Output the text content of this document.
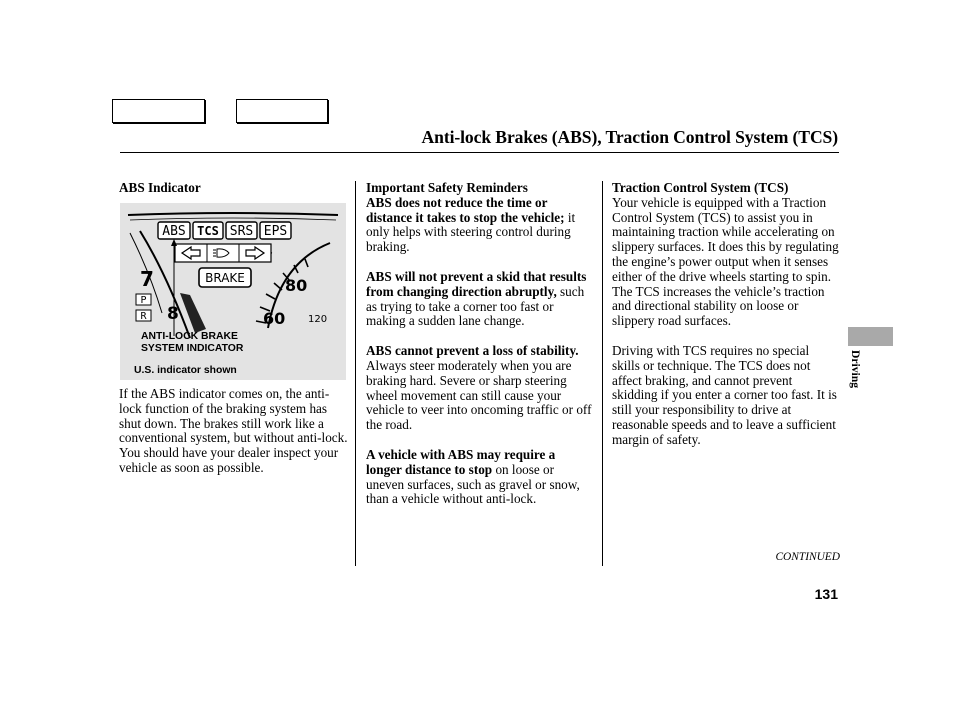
Anti-lock Brakes (ABS), Traction Control System (TCS)
ABS Indicator
ABS TCS SRS EPS
BRAKE
P
R
7
8
80
60 120
ANTI-LOCK BRAKE
SYSTEM INDICATOR
U.S. indicator shown
If the ABS indicator comes on, the anti-lock function of the braking system has shut down. The brakes still work like a conventional system, but without anti-lock. You should have your dealer inspect your vehicle as soon as possible.
Important Safety Reminders

ABS does not reduce the time or distance it takes to stop the vehicle; it only helps with steering control during braking.

ABS will not prevent a skid that results from changing direction abruptly, such as trying to take a corner too fast or making a sudden lane change.

ABS cannot prevent a loss of stability. Always steer moderately when you are braking hard. Severe or sharp steering wheel movement can still cause your vehicle to veer into oncoming traffic or off the road.

A vehicle with ABS may require a longer distance to stop on loose or uneven surfaces, such as gravel or snow, than a vehicle without anti-lock.

Traction Control System (TCS)

Your vehicle is equipped with a Traction Control System (TCS) to assist you in maintaining traction while accelerating on slippery surfaces. It does this by regulating the engine’s power output when it senses either of the drive wheels starting to spin. The TCS increases the vehicle’s traction and directional stability on loose or slippery road surfaces.

Driving with TCS requires no special skills or technique. The TCS does not affect braking, and cannot prevent skidding if you enter a corner too fast. It is still your responsibility to drive at reasonable speeds and to leave a sufficient margin of safety.

CONTINUED
131
Driving
